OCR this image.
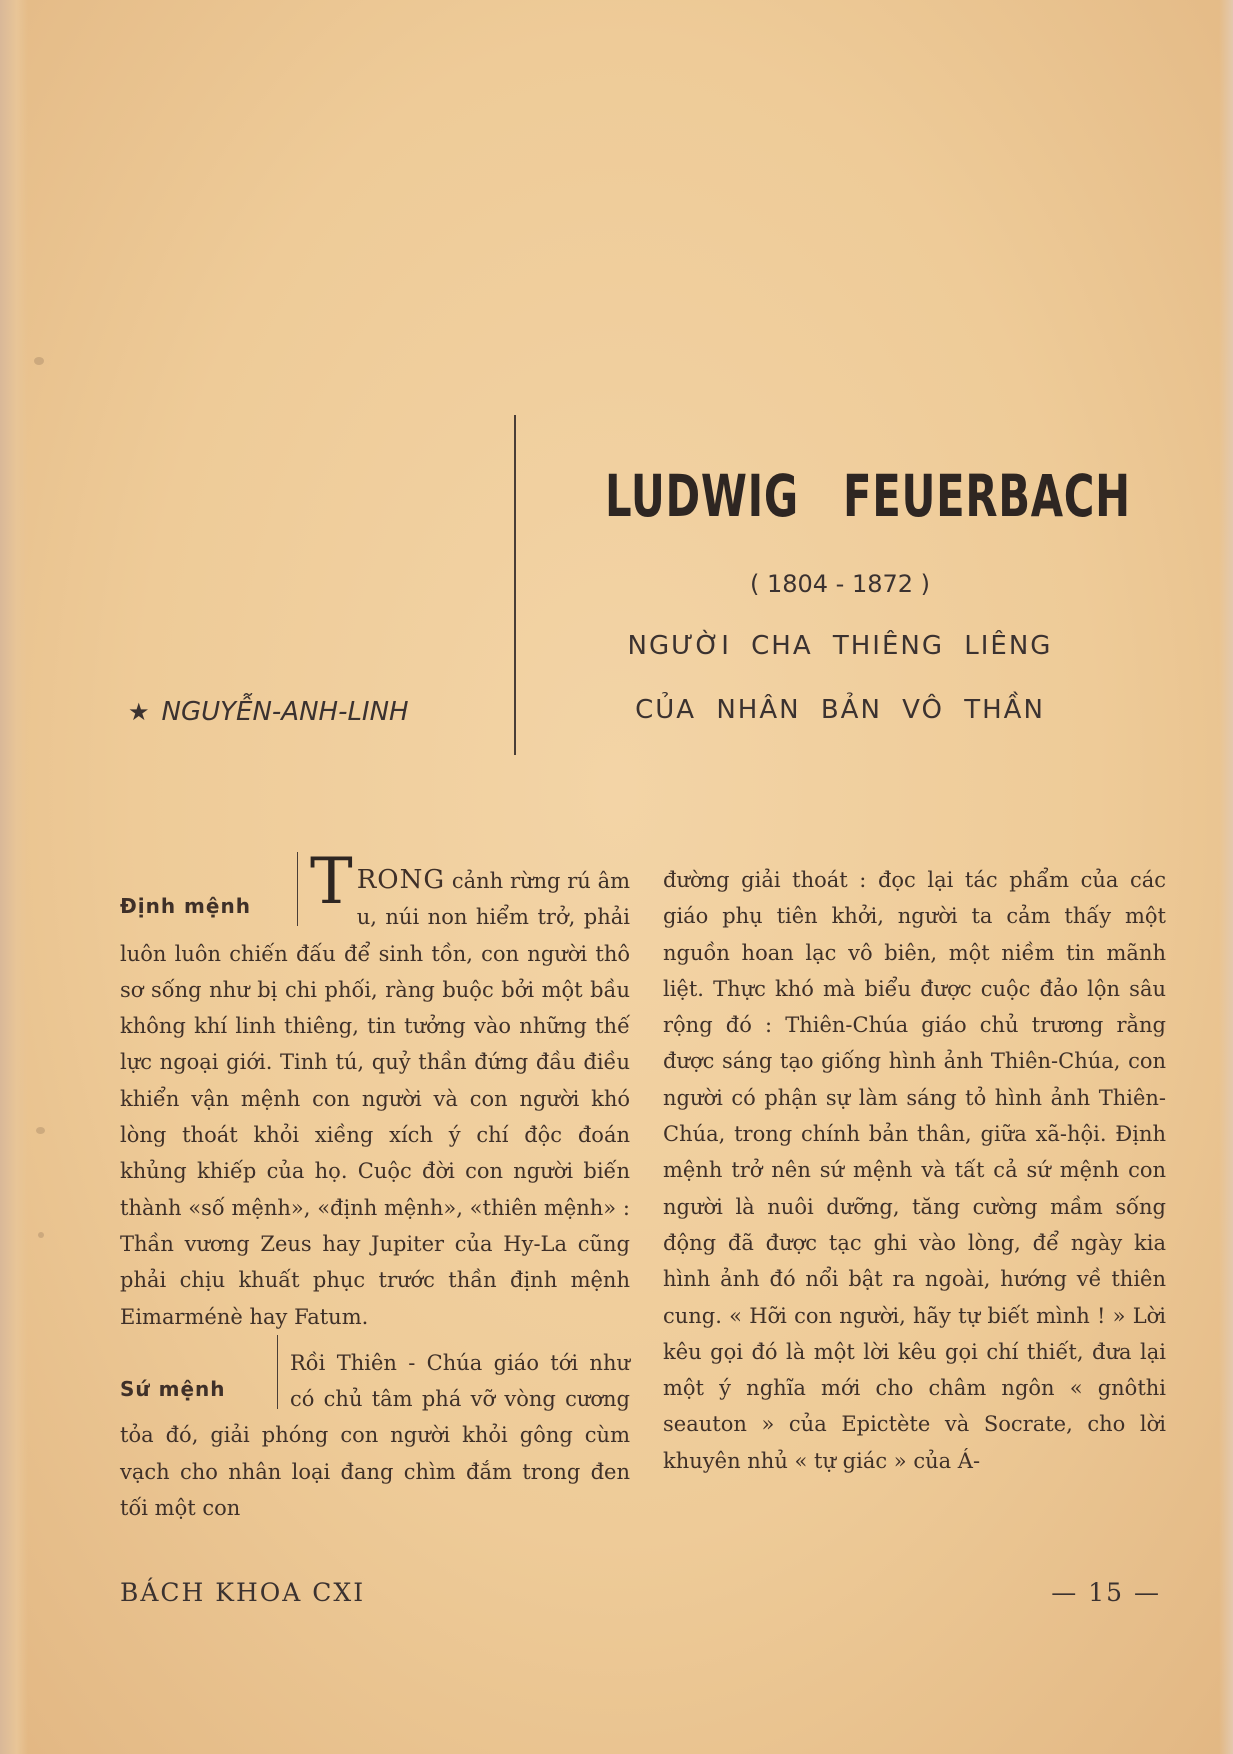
LUDWIG FEUERBACH
( 1804 - 1872 )
NGƯỜI CHA THIÊNG LIÊNG
CỦA NHÂN BẢN VÔ THẦN
★ NGUYỄN-ANH-LINH

Định mệnh T RONG cảnh rừng rú âm u, núi non hiểm trở, phải luôn luôn chiến đấu để sinh tồn, con người thô sơ sống như bị chi phối, ràng buộc bởi một bầu không khí linh thiêng, tin tưởng vào những thế lực ngoại giới. Tinh tú, quỷ thần đứng đầu điều khiển vận mệnh con người và con người khó lòng thoát khỏi xiềng xích ý chí độc đoán khủng khiếp của họ. Cuộc đời con người biến thành «số mệnh», «định mệnh», «thiên mệnh» : Thần vương Zeus hay Jupiter của Hy-La cũng phải chịu khuất phục trước thần định mệnh Eimarménè hay Fatum.

Sứ mệnh
Rồi Thiên - Chúa giáo tới như có chủ tâm phá vỡ vòng cương tỏa đó, giải phóng con người khỏi gông cùm vạch cho nhân loại đang chìm đắm trong đen tối một con

đường giải thoát : đọc lại tác phẩm của các giáo phụ tiên khởi, người ta cảm thấy một nguồn hoan lạc vô biên, một niềm tin mãnh liệt. Thực khó mà biểu được cuộc đảo lộn sâu rộng đó : Thiên-Chúa giáo chủ trương rằng được sáng tạo giống hình ảnh Thiên-Chúa, con người có phận sự làm sáng tỏ hình ảnh Thiên-Chúa, trong chính bản thân, giữa xã-hội. Định mệnh trở nên sứ mệnh và tất cả sứ mệnh con người là nuôi dưỡng, tăng cường mầm sống động đã được tạc ghi vào lòng, để ngày kia hình ảnh đó nổi bật ra ngoài, hướng về thiên cung. « Hỡi con người, hãy tự biết mình ! » Lời kêu gọi đó là một lời kêu gọi chí thiết, đưa lại một ý nghĩa mới cho châm ngôn « gnôthi seauton » của Epictète và Socrate, cho lời khuyên nhủ « tự giác » của Á-

BÁCH KHOA CXI	— 15 —
